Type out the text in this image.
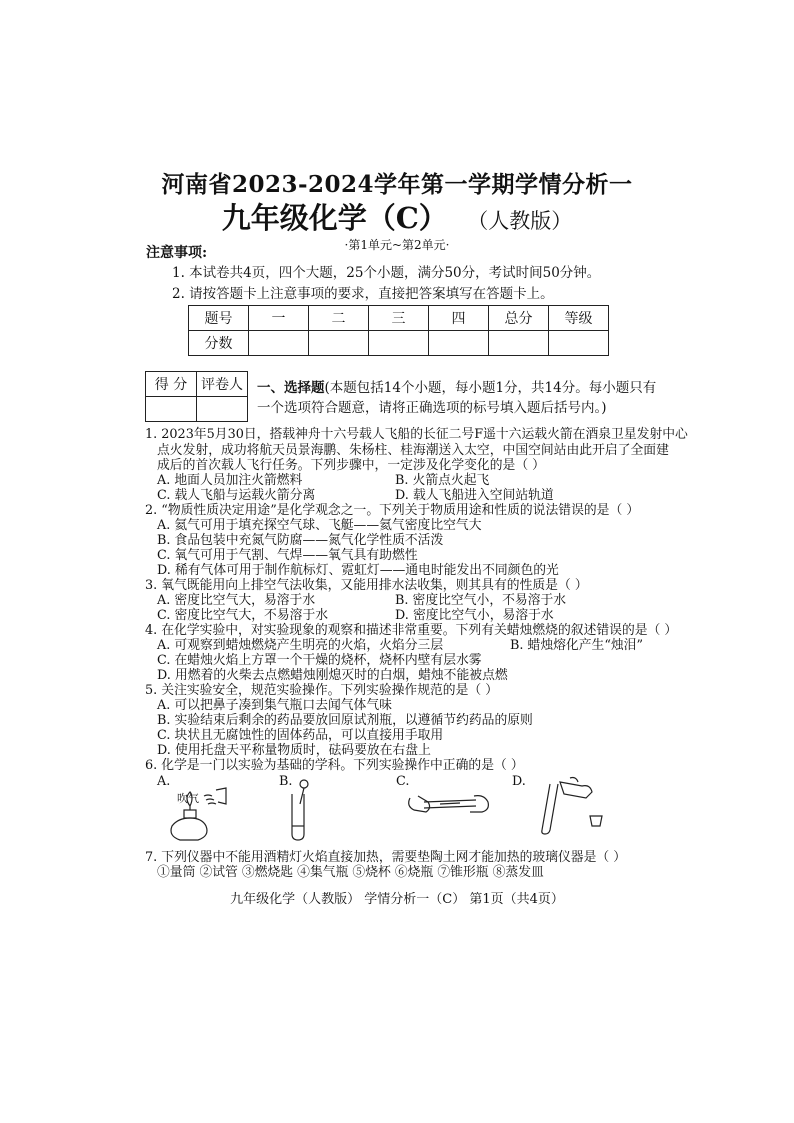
河南省2023-2024学年第一学期学情分析一
九年级化学（C） （人教版）
·第1单元~第2单元·
注意事项:
1. 本试卷共4页，四个大题，25个小题，满分50分，考试时间50分钟。
2. 请按答题卡上注意事项的要求，直接把答案填写在答题卡上。
题号	一	二	三	四	总分	等级
分数						
得 分	评卷人
	一、选择题(本题包括14个小题，每小题1分，共14分。每小题只有一个选项符合题意，请将正确选项的标号填入题后括号内。)
1. 2023年5月30日，搭载神舟十六号载人飞船的长征二号F遥十六运载火箭在酒泉卫星发射中心
点火发射，成功将航天员景海鹏、朱杨柱、桂海潮送入太空，中国空间站由此开启了全面建
成后的首次载人飞行任务。下列步骤中，一定涉及化学变化的是（ ）
A. 地面人员加注火箭燃料	B. 火箭点火起飞
C. 载人飞船与运载火箭分离	D. 载人飞船进入空间站轨道
2. “物质性质决定用途”是化学观念之一。下列关于物质用途和性质的说法错误的是（ ）
A. 氦气可用于填充探空气球、飞艇——氦气密度比空气大
B. 食品包装中充氮气防腐——氮气化学性质不活泼
C. 氧气可用于气割、气焊——氧气具有助燃性
D. 稀有气体可用于制作航标灯、霓虹灯——通电时能发出不同颜色的光
3. 氧气既能用向上排空气法收集，又能用排水法收集，则其具有的性质是（ ）
A. 密度比空气大，易溶于水	B. 密度比空气小，不易溶于水
C. 密度比空气大，不易溶于水	D. 密度比空气小，易溶于水
4. 在化学实验中，对实验现象的观察和描述非常重要。下列有关蜡烛燃烧的叙述错误的是（ ）
A. 可观察到蜡烛燃烧产生明亮的火焰，火焰分三层	B. 蜡烛熔化产生“烛泪”
C. 在蜡烛火焰上方罩一个干燥的烧杯，烧杯内壁有层水雾
D. 用燃着的火柴去点燃蜡烛刚熄灭时的白烟，蜡烛不能被点燃
5. 关注实验安全，规范实验操作。下列实验操作规范的是（ ）
A. 可以把鼻子凑到集气瓶口去闻气体气味
B. 实验结束后剩余的药品要放回原试剂瓶，以遵循节约药品的原则
C. 块状且无腐蚀性的固体药品，可以直接用手取用
D. 使用托盘天平称量物质时，砝码要放在右盘上
6. 化学是一门以实验为基础的学科。下列实验操作中正确的是（ ）
A.	B.	C.	D.
吹气
7. 下列仪器中不能用酒精灯火焰直接加热，需要垫陶土网才能加热的玻璃仪器是（ ）
①量筒 ②试管 ③燃烧匙 ④集气瓶 ⑤烧杯 ⑥烧瓶 ⑦锥形瓶 ⑧蒸发皿
九年级化学（人教版） 学情分析一（C） 第1页（共4页）
